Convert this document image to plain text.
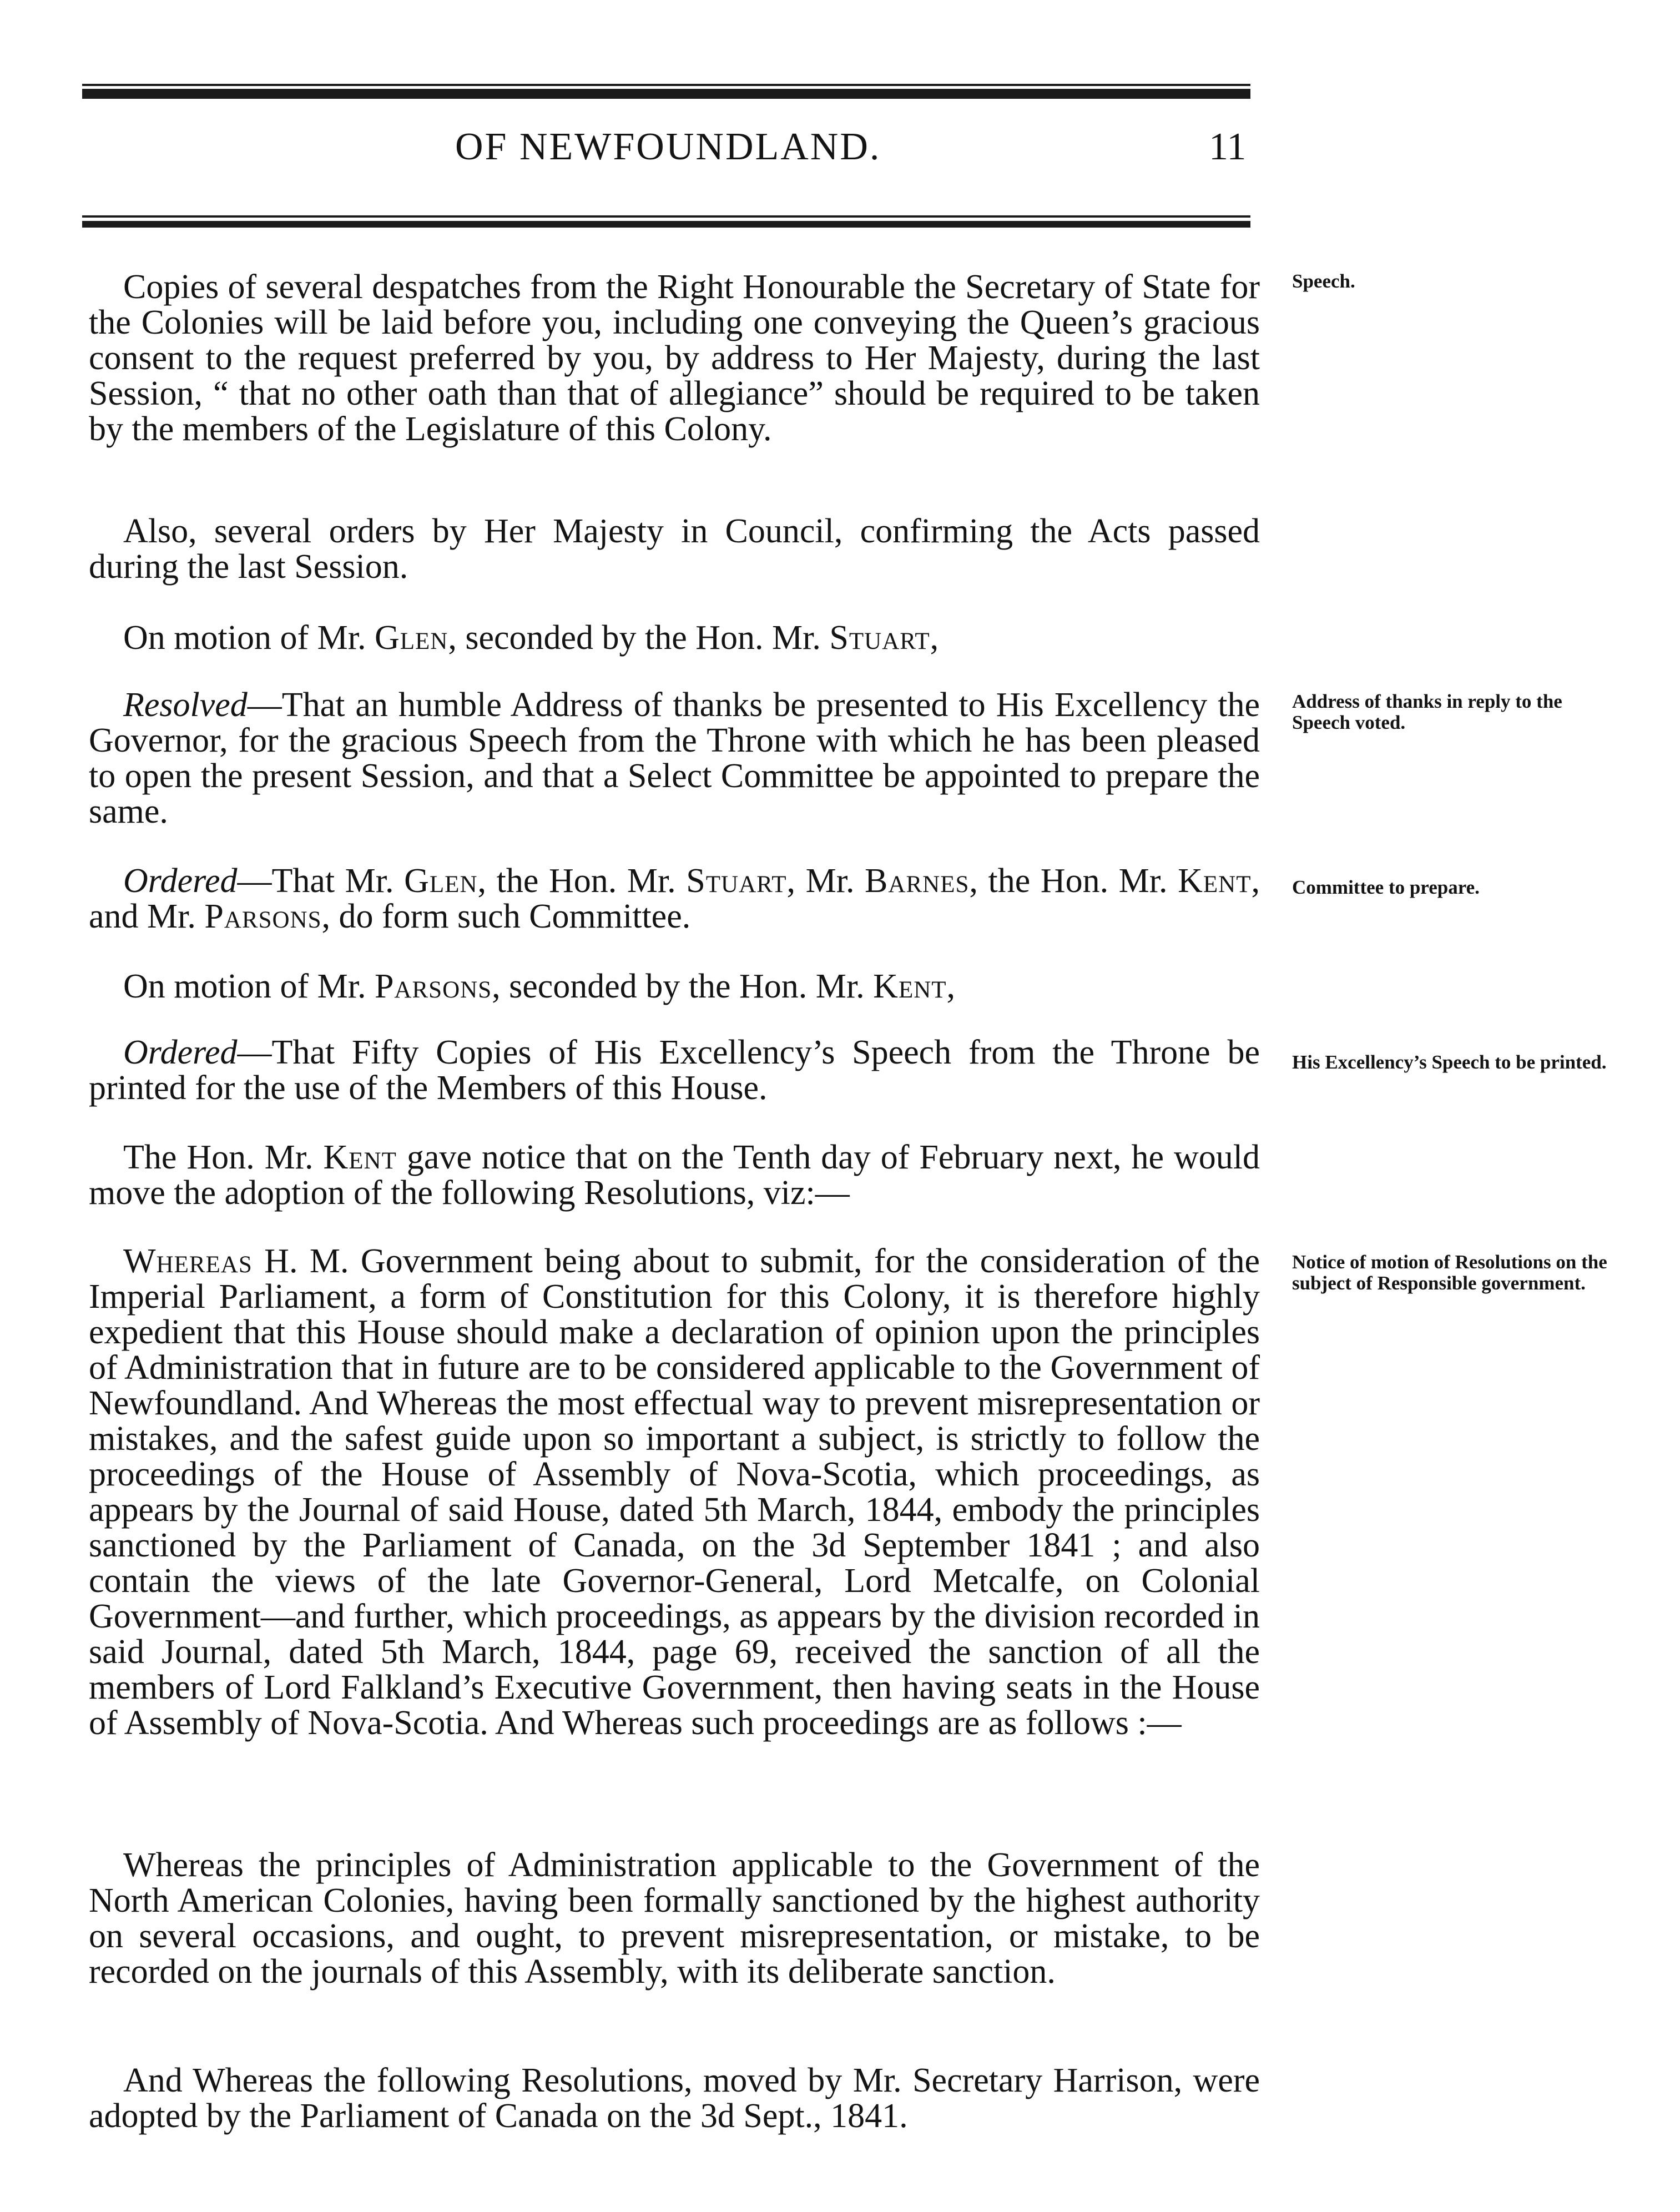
OF NEWFOUNDLAND.	11

Copies of several despatches from the Right Honourable the Secretary of State for the Colonies will be laid before you, including one conveying the Queen’s gracious consent to the request preferred by you, by address to Her Majesty, during the last Session, “ that no other oath than that of allegiance” should be required to be taken by the members of the Legislature of this Colony.

Also, several orders by Her Majesty in Council, confirming the Acts passed during the last Session.

On motion of Mr. Glen, seconded by the Hon. Mr. Stuart,

Resolved—That an humble Address of thanks be presented to His Excellency the Governor, for the gracious Speech from the Throne with which he has been pleased to open the present Session, and that a Select Committee be appointed to prepare the same.

Ordered—That Mr. Glen, the Hon. Mr. Stuart, Mr. Barnes, the Hon. Mr. Kent, and Mr. Parsons, do form such Committee.

On motion of Mr. Parsons, seconded by the Hon. Mr. Kent,

Ordered—That Fifty Copies of His Excellency’s Speech from the Throne be printed for the use of the Members of this House.

The Hon. Mr. Kent gave notice that on the Tenth day of February next, he would move the adoption of the following Resolutions, viz:—

Whereas H. M. Government being about to submit, for the consideration of the Imperial Parliament, a form of Constitution for this Colony, it is therefore highly expedient that this House should make a declaration of opinion upon the principles of Administration that in future are to be considered applicable to the Government of Newfoundland. And Whereas the most effectual way to prevent misrepresentation or mistakes, and the safest guide upon so important a subject, is strictly to follow the proceedings of the House of Assembly of Nova-Scotia, which proceedings, as appears by the Journal of said House, dated 5th March, 1844, embody the principles sanctioned by the Parliament of Canada, on the 3d September 1841 ; and also contain the views of the late Governor-General, Lord Metcalfe, on Colonial Government—and further, which proceedings, as appears by the division recorded in said Journal, dated 5th March, 1844, page 69, received the sanction of all the members of Lord Falkland’s Executive Government, then having seats in the House of Assembly of Nova-Scotia. And Whereas such proceedings are as follows :—

Whereas the principles of Administration applicable to the Government of the North American Colonies, having been formally sanctioned by the highest authority on several occasions, and ought, to prevent misrepresentation, or mistake, to be recorded on the journals of this Assembly, with its deliberate sanction.

And Whereas the following Resolutions, moved by Mr. Secretary Harrison, were adopted by the Parliament of Canada on the 3d Sept., 1841.

Speech.

Address of thanks in reply to the Speech voted.

Committee to prepare.

His Excellency’s Speech to be printed.

Notice of motion of Resolutions on the subject of Responsible government.
